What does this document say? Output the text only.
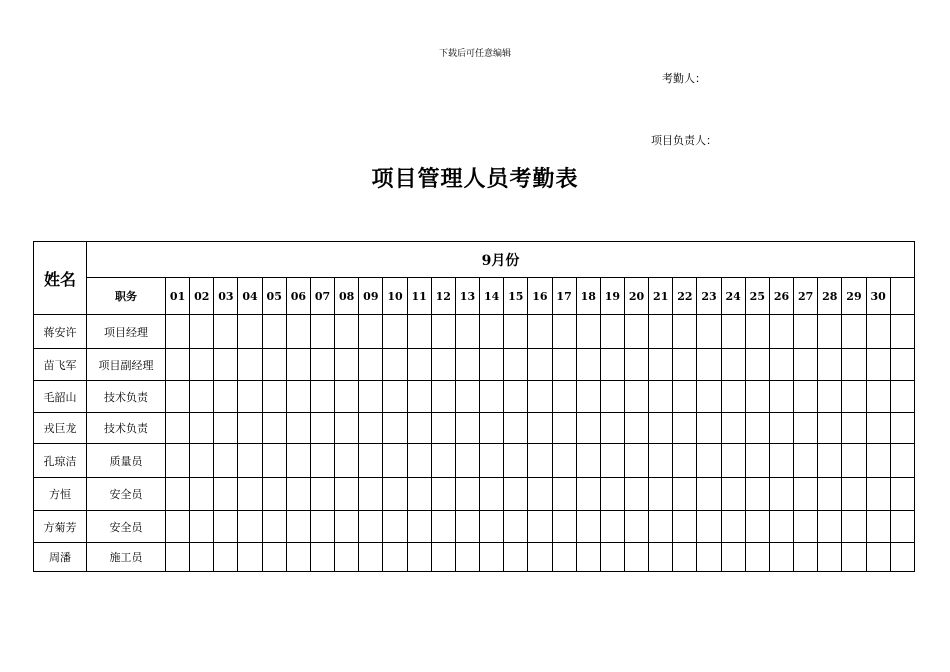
下载后可任意编辑
考勤人：
项目负责人：
项目管理人员考勤表
姓名	9月份																															
	职务	01	02	03	04	05	06	07	08	09	10	11	12	13	14	15	16	17	18	19	20	21	22	23	24	25	26	27	28	29	30	
蒋安许	项目经理																															
苗飞军	项目副经理																															
毛韶山	技术负责																															
戎巨龙	技术负责																															
孔琼洁	质量员																															
方恒	安全员																															
方菊芳	安全员																															
周潘	施工员																															
